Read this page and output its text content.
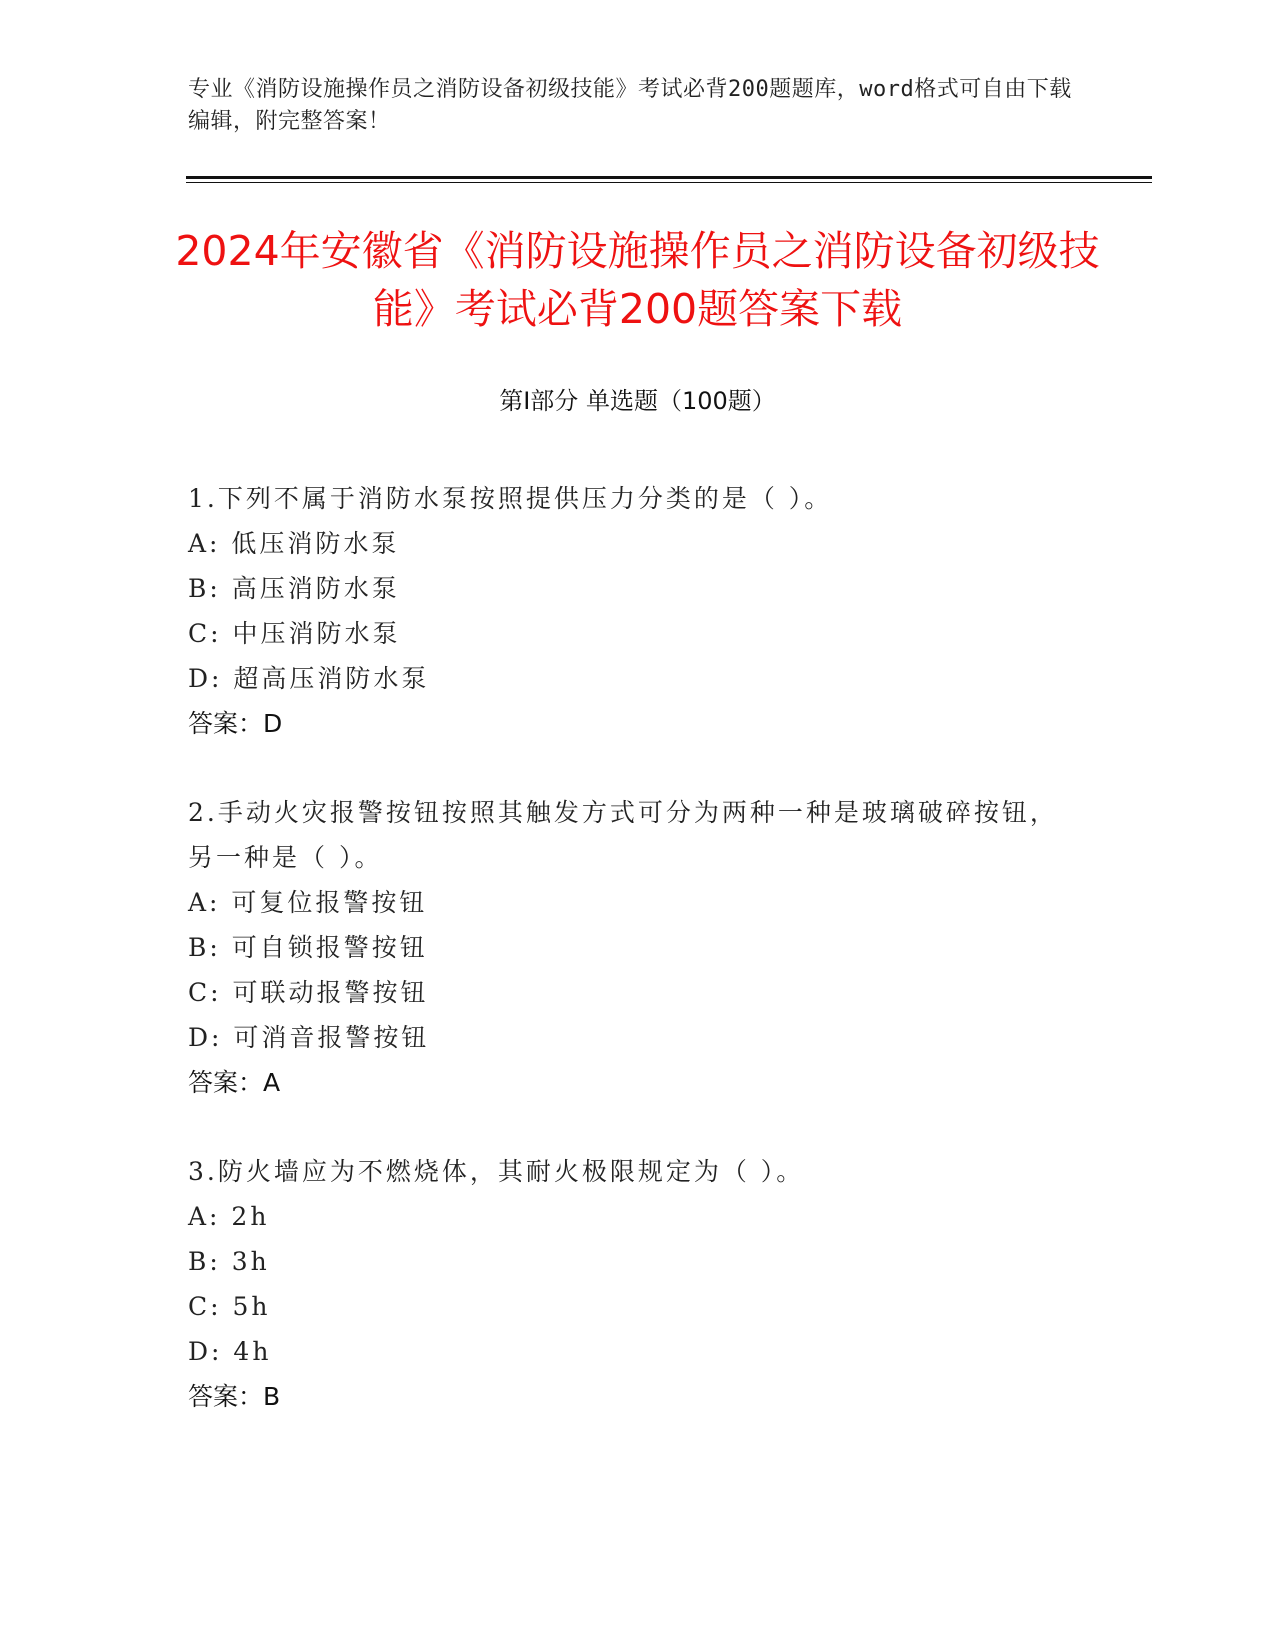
专业《消防设施操作员之消防设备初级技能》考试必背200题题库，word格式可自由下载编辑，附完整答案！
2024年安徽省《消防设施操作员之消防设备初级技能》考试必背200题答案下载
第I部分 单选题（100题）

1.下列不属于消防水泵按照提供压力分类的是（ ）。

A: 低压消防水泵

B: 高压消防水泵

C: 中压消防水泵

D: 超高压消防水泵

答案：D

2.手动火灾报警按钮按照其触发方式可分为两种一种是玻璃破碎按钮，另一种是（ ）。

A: 可复位报警按钮

B: 可自锁报警按钮

C: 可联动报警按钮

D: 可消音报警按钮

答案：A

3.防火墙应为不燃烧体，其耐火极限规定为（ ）。

A: 2h

B: 3h

C: 5h

D: 4h

答案：B
